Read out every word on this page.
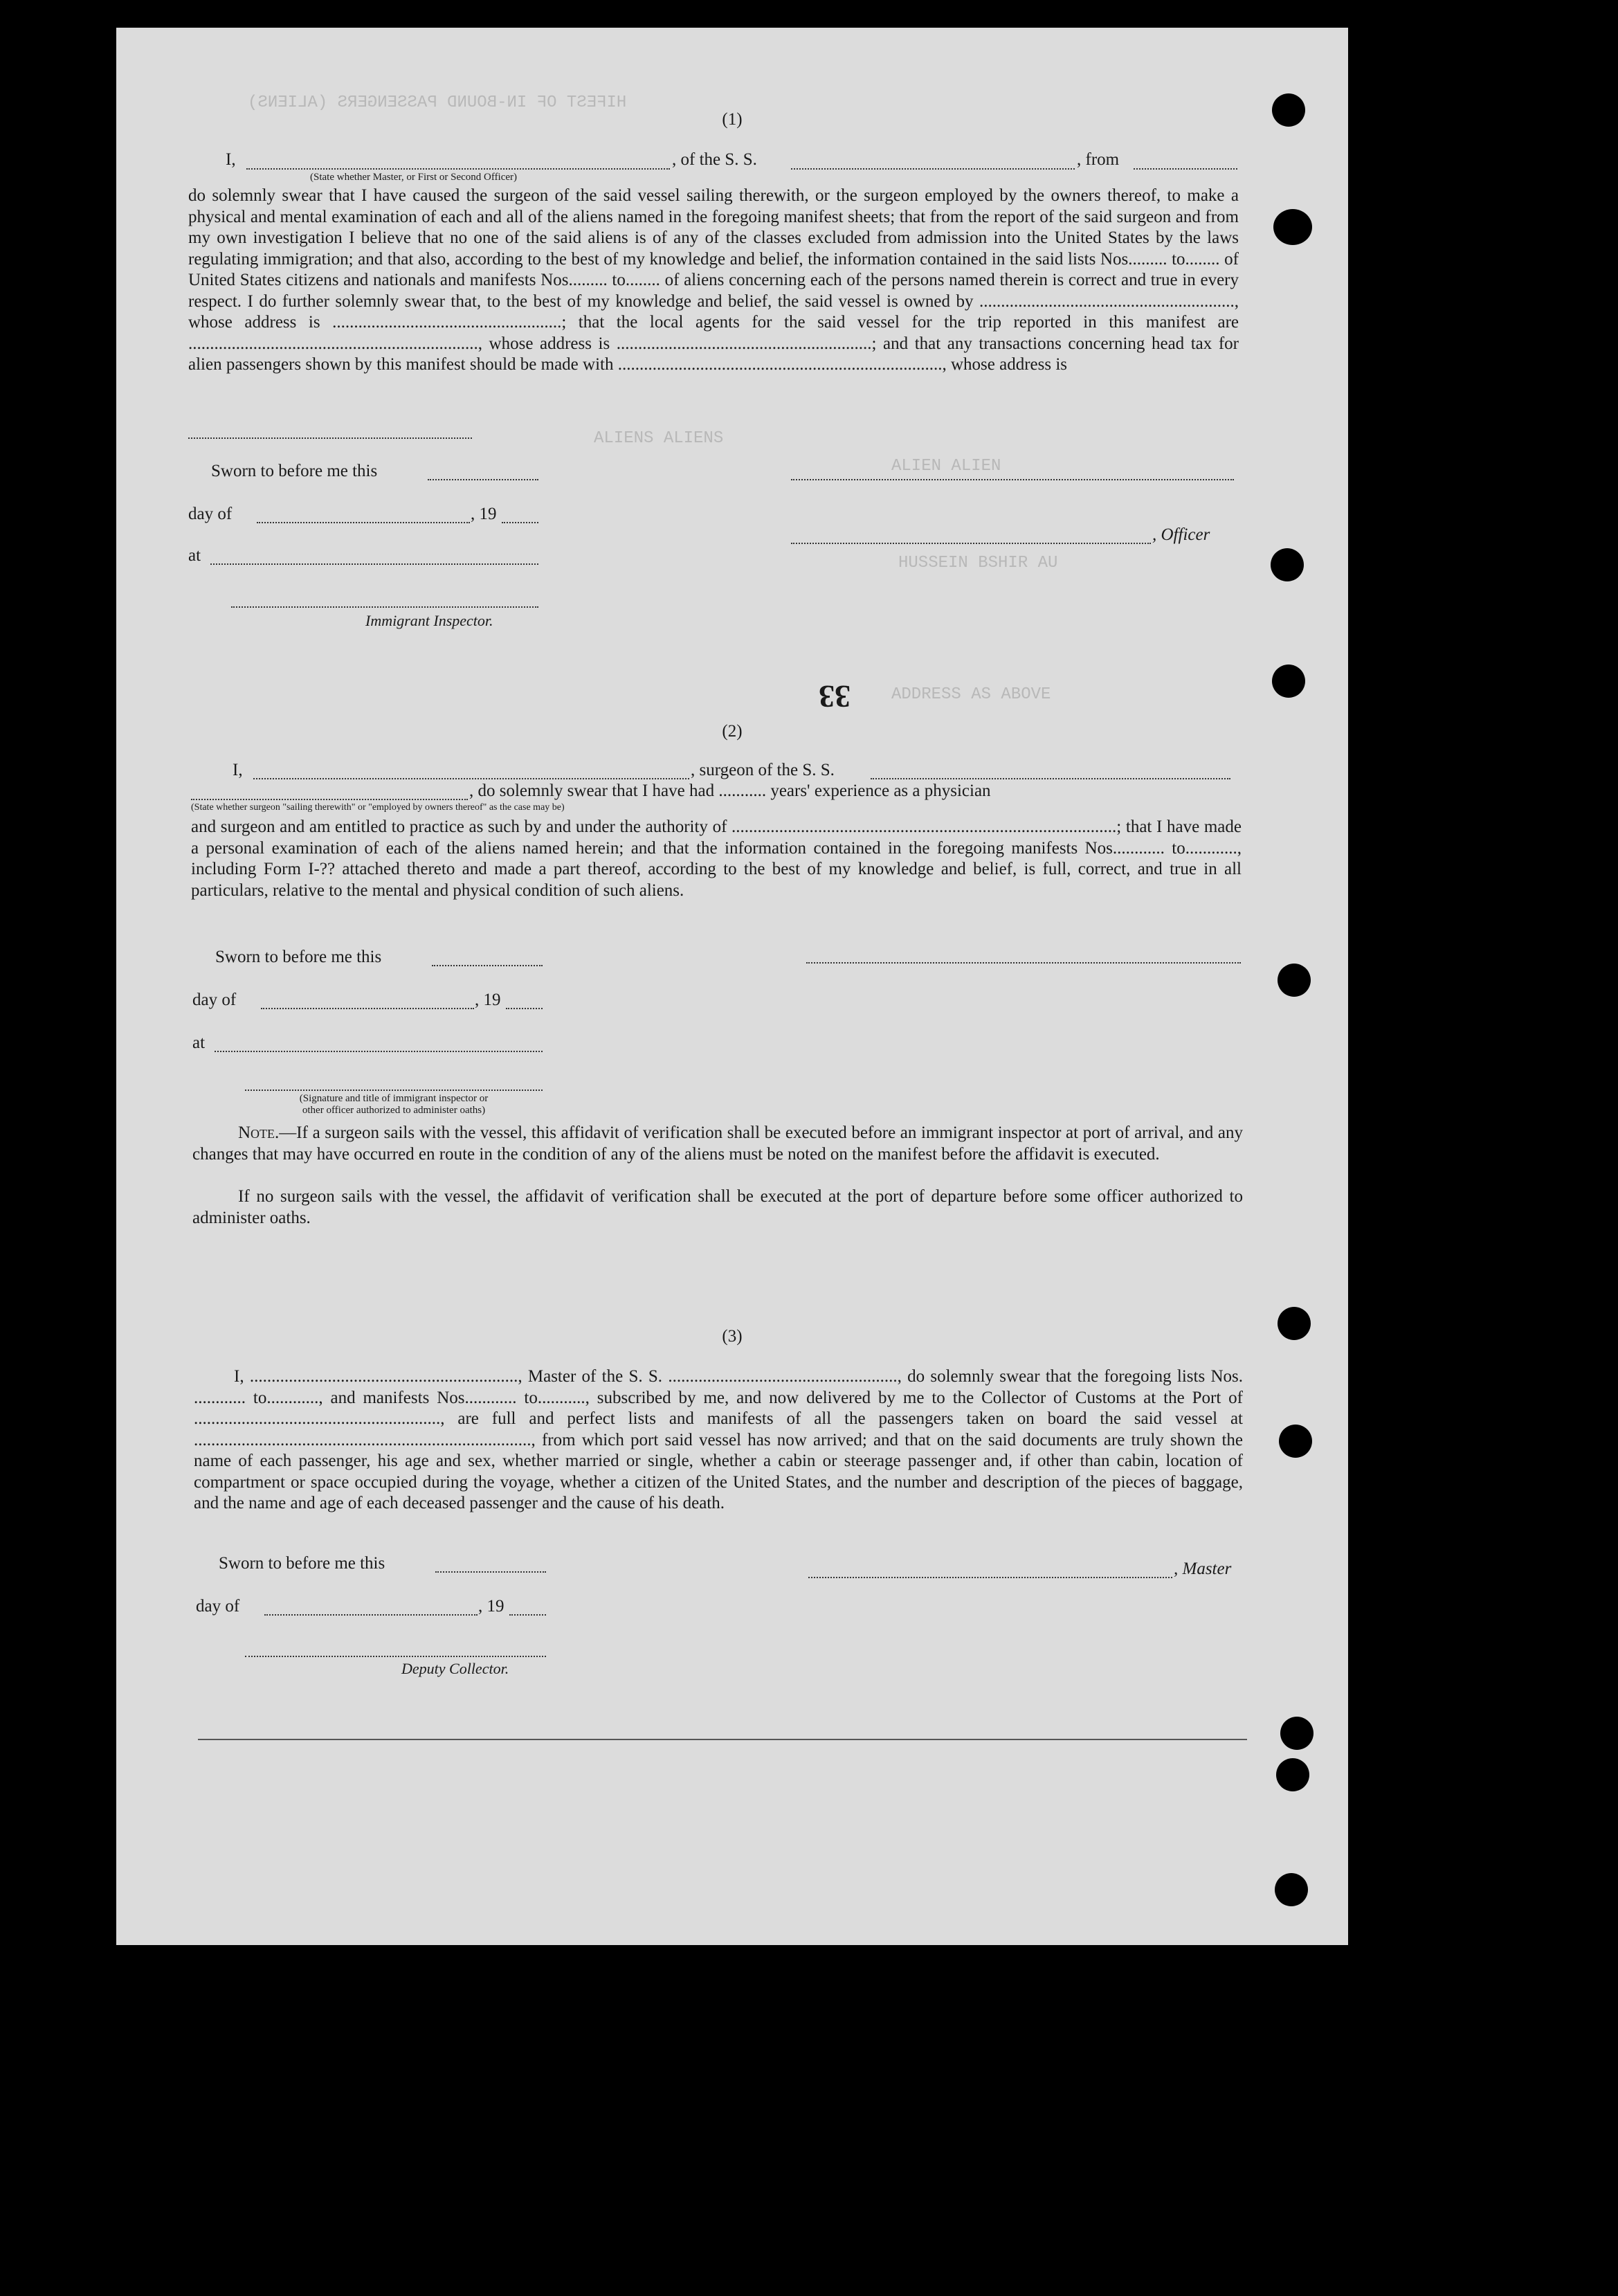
HIFEST OF IN-BOUND PASSENGERS (ALIENS)
ALIENS ALIENS
ALIEN ALIEN
HUSSEIN BSHIR AU
ADDRESS AS ABOVE
(1)
I,	, of the S. S.	, from
(State whether Master, or First or Second Officer)
do solemnly swear that I have caused the surgeon of the said vessel sailing therewith, or the surgeon employed by the owners thereof, to make a physical and mental examination of each and all of the aliens named in the foregoing manifest sheets; that from the report of the said surgeon and from my own investigation I believe that no one of the said aliens is of any of the classes excluded from admission into the United States by the laws regulating immigration; and that also, according to the best of my knowledge and belief, the information contained in the said lists Nos......... to........ of United States citizens and nationals and manifests Nos......... to........ of aliens concerning each of the persons named therein is correct and true in every respect. I do further solemnly swear that, to the best of my knowledge and belief, the said vessel is owned by ..........................................................., whose address is .....................................................; that the local agents for the said vessel for the trip reported in this manifest are ..................................................................., whose address is ...........................................................; and that any transactions concerning head tax for alien passengers shown by this manifest should be made with ..........................................................................., whose address is
Sworn to before me this
day of	, 19
at
Immigrant Inspector.
, Officer
33
(2)
I,	, surgeon of the S. S.
, do solemnly swear that I have had ........... years' experience as a physician
(State whether surgeon "sailing therewith" or "employed by owners thereof" as the case may be)
and surgeon and am entitled to practice as such by and under the authority of .........................................................................................; that I have made a personal examination of each of the aliens named herein; and that the information contained in the foregoing manifests Nos............ to............, including Form I-?? attached thereto and made a part thereof, according to the best of my knowledge and belief, is full, correct, and true in all particulars, relative to the mental and physical condition of such aliens.
Sworn to before me this
day of	, 19
at
(Signature and title of immigrant inspector or
other officer authorized to administer oaths)
Note.—If a surgeon sails with the vessel, this affidavit of verification shall be executed before an immigrant inspector at port of arrival, and any changes that may have occurred en route in the condition of any of the aliens must be noted on the manifest before the affidavit is executed.
If no surgeon sails with the vessel, the affidavit of verification shall be executed at the port of departure before some officer authorized to administer oaths.
(3)
I, .............................................................., Master of the S. S. ....................................................., do solemnly swear that the foregoing lists Nos. ............ to............, and manifests Nos............ to..........., subscribed by me, and now delivered by me to the Collector of Customs at the Port of ........................................................., are full and perfect lists and manifests of all the passengers taken on board the said vessel at .............................................................................., from which port said vessel has now arrived; and that on the said documents are truly shown the name of each passenger, his age and sex, whether married or single, whether a cabin or steerage passenger and, if other than cabin, location of compartment or space occupied during the voyage, whether a citizen of the United States, and the number and description of the pieces of baggage, and the name and age of each deceased passenger and the cause of his death.
Sworn to before me this	, Master
day of	, 19
Deputy Collector.
